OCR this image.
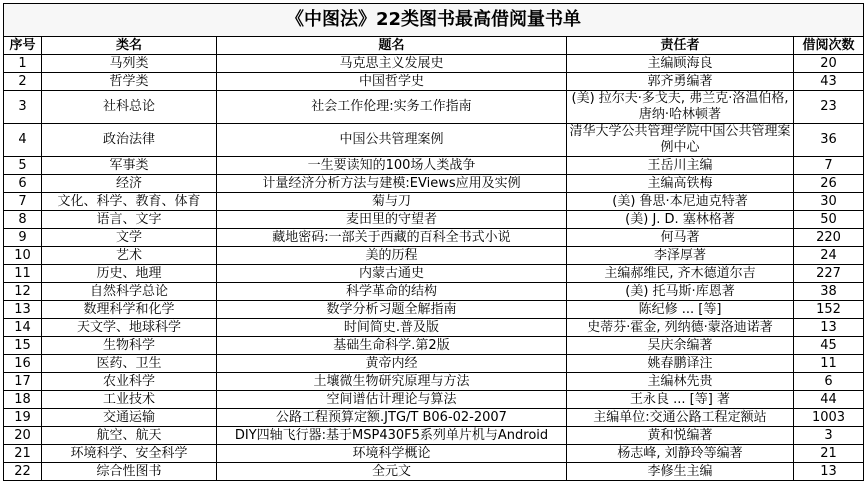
《中图法》22类图书最高借阅量书单				
序号	类名	题名	责任者	借阅次数
1	马列类	马克思主义发展史	主编顾海良	20
2	哲学类	中国哲学史	郭齐勇编著	43
3	社科总论	社会工作伦理:实务工作指南	(美) 拉尔夫·多戈夫, 弗兰克·洛温伯格, 唐纳·哈林顿著	23
4	政治法律	中国公共管理案例	清华大学公共管理学院中国公共管理案例中心	36
5	军事类	一生要读知的100场人类战争	王岳川主编	7
6	经济	计量经济分析方法与建模:EViews应用及实例	主编高铁梅	26
7	文化、科学、教育、体育	菊与刀	(美) 鲁思·本尼迪克特著	30
8	语言、文字	麦田里的守望者	(美) J. D. 塞林格著	50
9	文学	藏地密码:一部关于西藏的百科全书式小说	何马著	220
10	艺术	美的历程	李泽厚著	24
11	历史、地理	内蒙古通史	主编郝维民, 齐木德道尔吉	227
12	自然科学总论	科学革命的结构	(美) 托马斯·库恩著	38
13	数理科学和化学	数学分析习题全解指南	陈纪修 ... [等]	152
14	天文学、地球科学	时间简史.普及版	史蒂芬·霍金, 列纳德·蒙洛迪诺著	13
15	生物科学	基础生命科学.第2版	吴庆余编著	45
16	医药、卫生	黄帝内经	姚春鹏译注	11
17	农业科学	土壤微生物研究原理与方法	主编林先贵	6
18	工业技术	空间谱估计理论与算法	王永良 ... [等] 著	44
19	交通运输	公路工程预算定额.JTG/T B06-02-2007	主编单位:交通公路工程定额站	1003
20	航空、航天	DIY四轴飞行器:基于MSP430F5系列单片机与Android	黄和悦编著	3
21	环境科学、安全科学	环境科学概论	杨志峰, 刘静玲等编著	21
22	综合性图书	全元文	李修生主编	13
